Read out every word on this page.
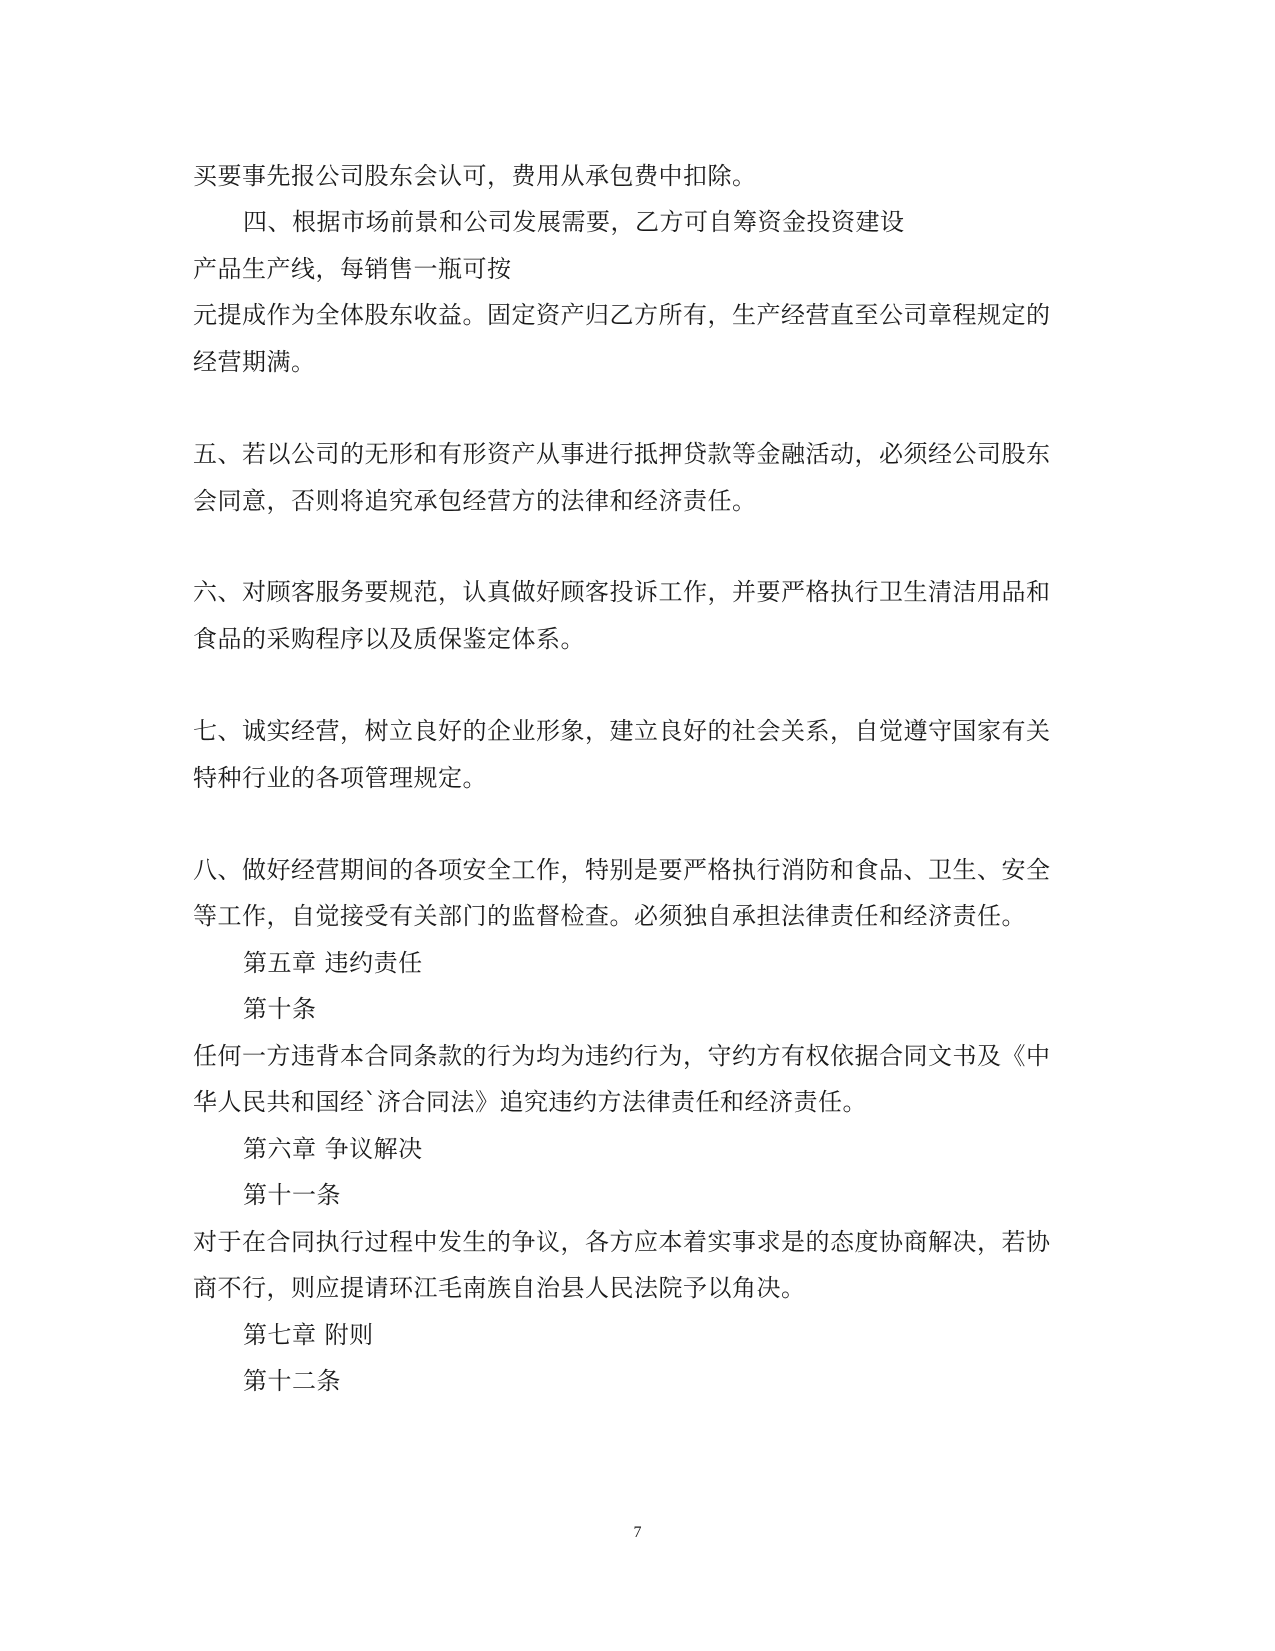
买要事先报公司股东会认可，费用从承包费中扣除。
四、根据市场前景和公司发展需要，乙方可自筹资金投资建设
产品生产线，每销售一瓶可按
元提成作为全体股东收益。固定资产归乙方所有，生产经营直至公司章程规定的
经营期满。
五、若以公司的无形和有形资产从事进行抵押贷款等金融活动，必须经公司股东
会同意，否则将追究承包经营方的法律和经济责任。
六、对顾客服务要规范，认真做好顾客投诉工作，并要严格执行卫生清洁用品和
食品的采购程序以及质保鉴定体系。
七、诚实经营，树立良好的企业形象，建立良好的社会关系，自觉遵守国家有关
特种行业的各项管理规定。
八、做好经营期间的各项安全工作，特别是要严格执行消防和食品、卫生、安全
等工作，自觉接受有关部门的监督检查。必须独自承担法律责任和经济责任。
第五章 违约责任
第十条
任何一方违背本合同条款的行为均为违约行为，守约方有权依据合同文书及《中
华人民共和国经`济合同法》追究违约方法律责任和经济责任。
第六章 争议解决
第十一条
对于在合同执行过程中发生的争议，各方应本着实事求是的态度协商解决，若协
商不行，则应提请环江毛南族自治县人民法院予以角决。
第七章 附则
第十二条
7
